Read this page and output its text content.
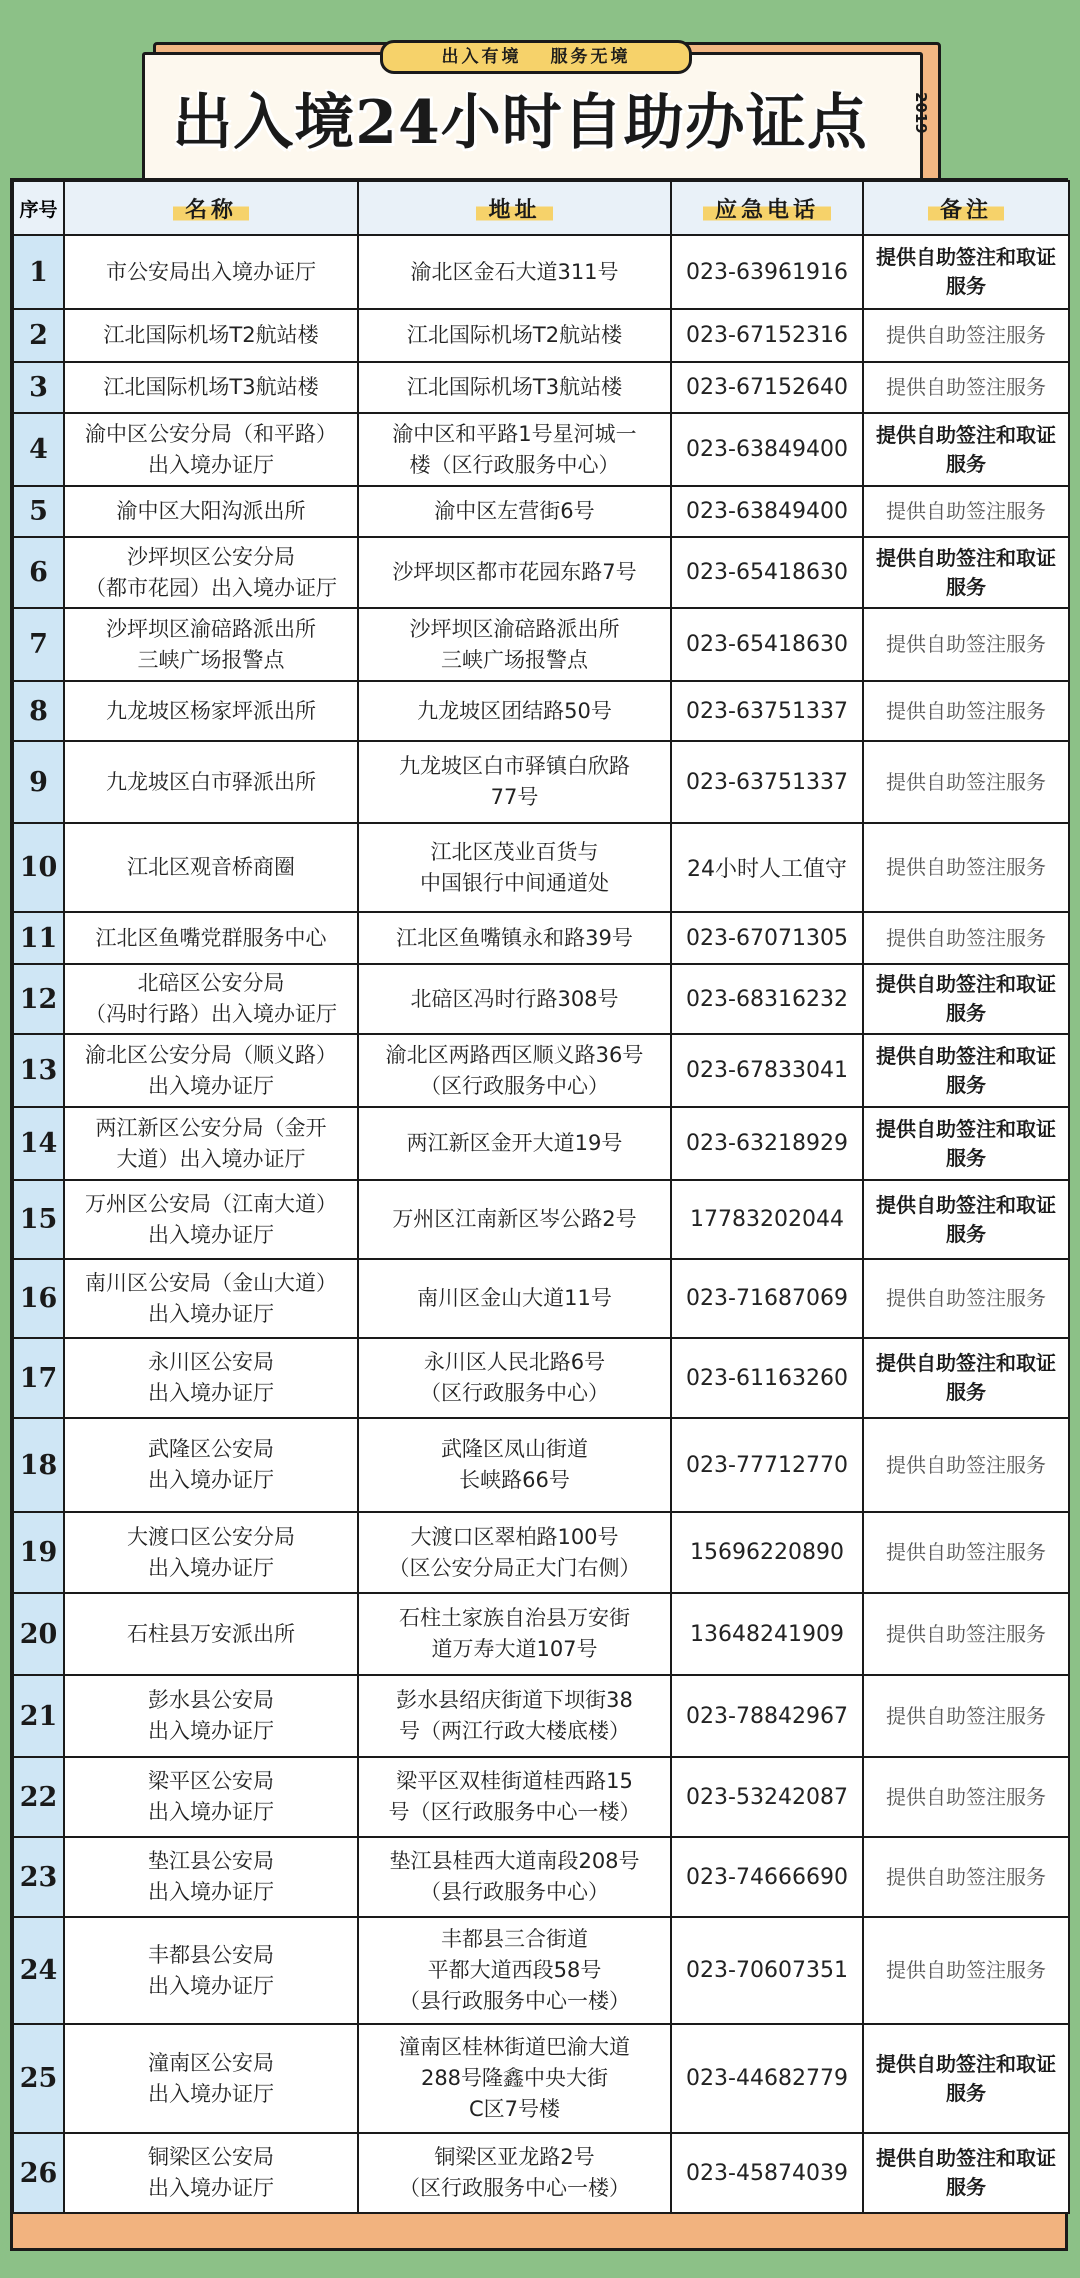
出入有境 服务无境
出入境24小时自助办证点	2019
序号	名称	地址	应急电话	备注
1	市公安局出入境办证厅	渝北区金石大道311号	023-63961916	提供自助签注和取证服务
2	江北国际机场T2航站楼	江北国际机场T2航站楼	023-67152316	提供自助签注服务
3	江北国际机场T3航站楼	江北国际机场T3航站楼	023-67152640	提供自助签注服务
4	渝中区公安分局（和平路）
出入境办证厅	渝中区和平路1号星河城一
楼（区行政服务中心）	023-63849400	提供自助签注和取证服务
5	渝中区大阳沟派出所	渝中区左营街6号	023-63849400	提供自助签注服务
6	沙坪坝区公安分局
（都市花园）出入境办证厅	沙坪坝区都市花园东路7号	023-65418630	提供自助签注和取证服务
7	沙坪坝区渝碚路派出所
三峡广场报警点	沙坪坝区渝碚路派出所
三峡广场报警点	023-65418630	提供自助签注服务
8	九龙坡区杨家坪派出所	九龙坡区团结路50号	023-63751337	提供自助签注服务
9	九龙坡区白市驿派出所	九龙坡区白市驿镇白欣路
77号	023-63751337	提供自助签注服务
10	江北区观音桥商圈	江北区茂业百货与
中国银行中间通道处	24小时人工值守	提供自助签注服务
11	江北区鱼嘴党群服务中心	江北区鱼嘴镇永和路39号	023-67071305	提供自助签注服务
12	北碚区公安分局
（冯时行路）出入境办证厅	北碚区冯时行路308号	023-68316232	提供自助签注和取证服务
13	渝北区公安分局（顺义路）
出入境办证厅	渝北区两路西区顺义路36号
（区行政服务中心）	023-67833041	提供自助签注和取证服务
14	两江新区公安分局（金开
大道）出入境办证厅	两江新区金开大道19号	023-63218929	提供自助签注和取证服务
15	万州区公安局（江南大道）
出入境办证厅	万州区江南新区岑公路2号	17783202044	提供自助签注和取证服务
16	南川区公安局（金山大道）
出入境办证厅	南川区金山大道11号	023-71687069	提供自助签注服务
17	永川区公安局
出入境办证厅	永川区人民北路6号
（区行政服务中心）	023-61163260	提供自助签注和取证服务
18	武隆区公安局
出入境办证厅	武隆区凤山街道
长峡路66号	023-77712770	提供自助签注服务
19	大渡口区公安分局
出入境办证厅	大渡口区翠柏路100号
（区公安分局正大门右侧）	15696220890	提供自助签注服务
20	石柱县万安派出所	石柱土家族自治县万安街
道万寿大道107号	13648241909	提供自助签注服务
21	彭水县公安局
出入境办证厅	彭水县绍庆街道下坝街38
号（两江行政大楼底楼）	023-78842967	提供自助签注服务
22	梁平区公安局
出入境办证厅	梁平区双桂街道桂西路15
号（区行政服务中心一楼）	023-53242087	提供自助签注服务
23	垫江县公安局
出入境办证厅	垫江县桂西大道南段208号
（县行政服务中心）	023-74666690	提供自助签注服务
24	丰都县公安局
出入境办证厅	丰都县三合街道
平都大道西段58号
（县行政服务中心一楼）	023-70607351	提供自助签注服务
25	潼南区公安局
出入境办证厅	潼南区桂林街道巴渝大道
288号隆鑫中央大街
C区7号楼	023-44682779	提供自助签注和取证服务
26	铜梁区公安局
出入境办证厅	铜梁区亚龙路2号
（区行政服务中心一楼）	023-45874039	提供自助签注和取证服务
